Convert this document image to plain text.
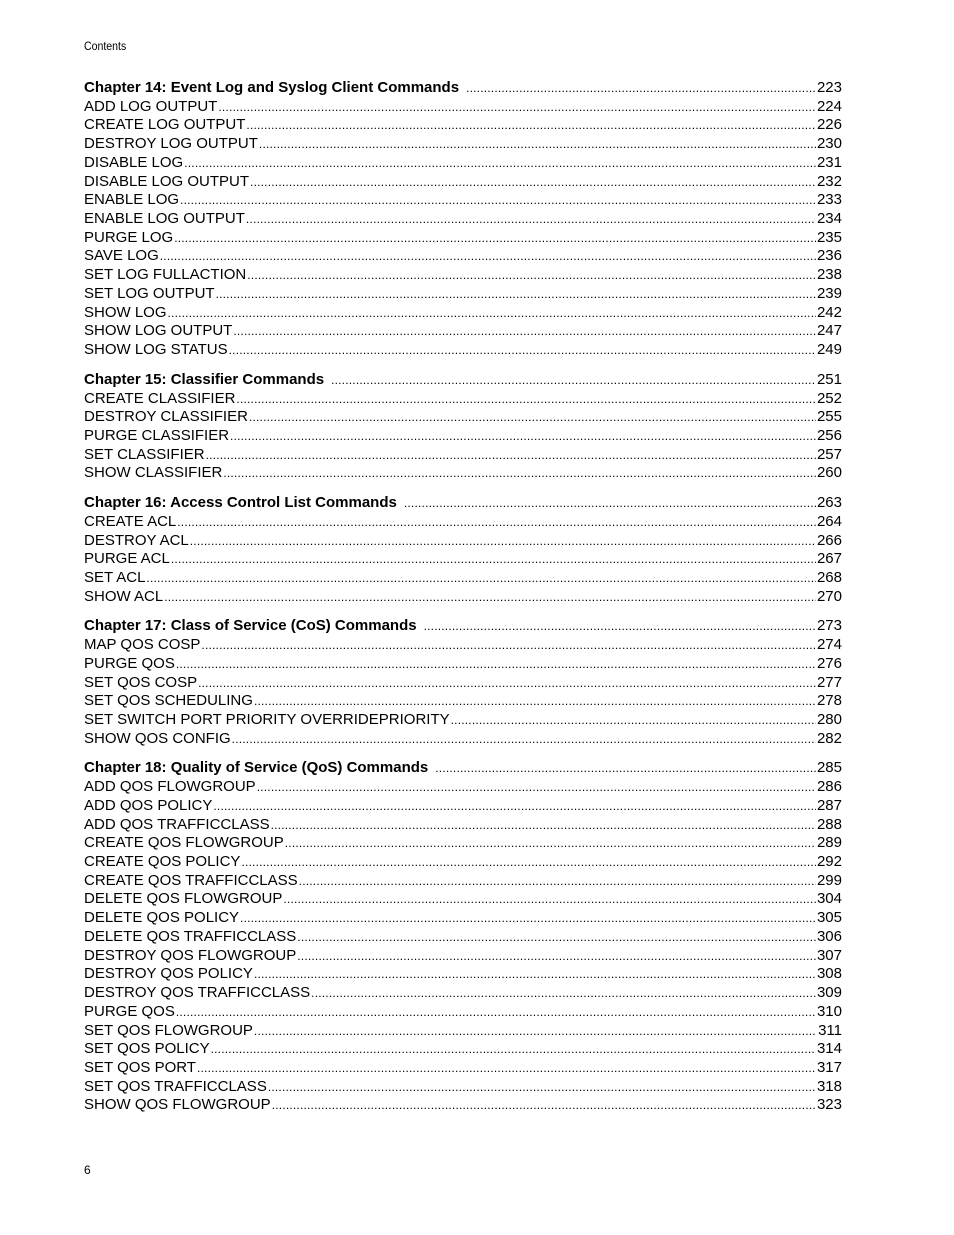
Contents
Chapter 14: Event Log and Syslog Client Commands .....	223
ADD LOG OUTPUT .....	224
CREATE LOG OUTPUT .....	226
DESTROY LOG OUTPUT .....	230
DISABLE LOG .....	231
DISABLE LOG OUTPUT .....	232
ENABLE LOG .....	233
ENABLE LOG OUTPUT .....	234
PURGE LOG .....	235
SAVE LOG .....	236
SET LOG FULLACTION .....	238
SET LOG OUTPUT .....	239
SHOW LOG .....	242
SHOW LOG OUTPUT .....	247
SHOW LOG STATUS .....	249
Chapter 15: Classifier Commands .....	251
CREATE CLASSIFIER .....	252
DESTROY CLASSIFIER .....	255
PURGE CLASSIFIER .....	256
SET CLASSIFIER .....	257
SHOW CLASSIFIER .....	260
Chapter 16: Access Control List Commands .....	263
CREATE ACL .....	264
DESTROY ACL .....	266
PURGE ACL .....	267
SET ACL .....	268
SHOW ACL .....	270
Chapter 17: Class of Service (CoS) Commands .....	273
MAP QOS COSP .....	274
PURGE QOS .....	276
SET QOS COSP .....	277
SET QOS SCHEDULING .....	278
SET SWITCH PORT PRIORITY OVERRIDEPRIORITY .....	280
SHOW QOS CONFIG .....	282
Chapter 18: Quality of Service (QoS) Commands .....	285
ADD QOS FLOWGROUP .....	286
ADD QOS POLICY .....	287
ADD QOS TRAFFICCLASS .....	288
CREATE QOS FLOWGROUP .....	289
CREATE QOS POLICY .....	292
CREATE QOS TRAFFICCLASS .....	299
DELETE QOS FLOWGROUP .....	304
DELETE QOS POLICY .....	305
DELETE QOS TRAFFICCLASS .....	306
DESTROY QOS FLOWGROUP .....	307
DESTROY QOS POLICY .....	308
DESTROY QOS TRAFFICCLASS .....	309
PURGE QOS .....	310
SET QOS FLOWGROUP .....	311
SET QOS POLICY .....	314
SET QOS PORT .....	317
SET QOS TRAFFICCLASS .....	318
SHOW QOS FLOWGROUP .....	323
6
